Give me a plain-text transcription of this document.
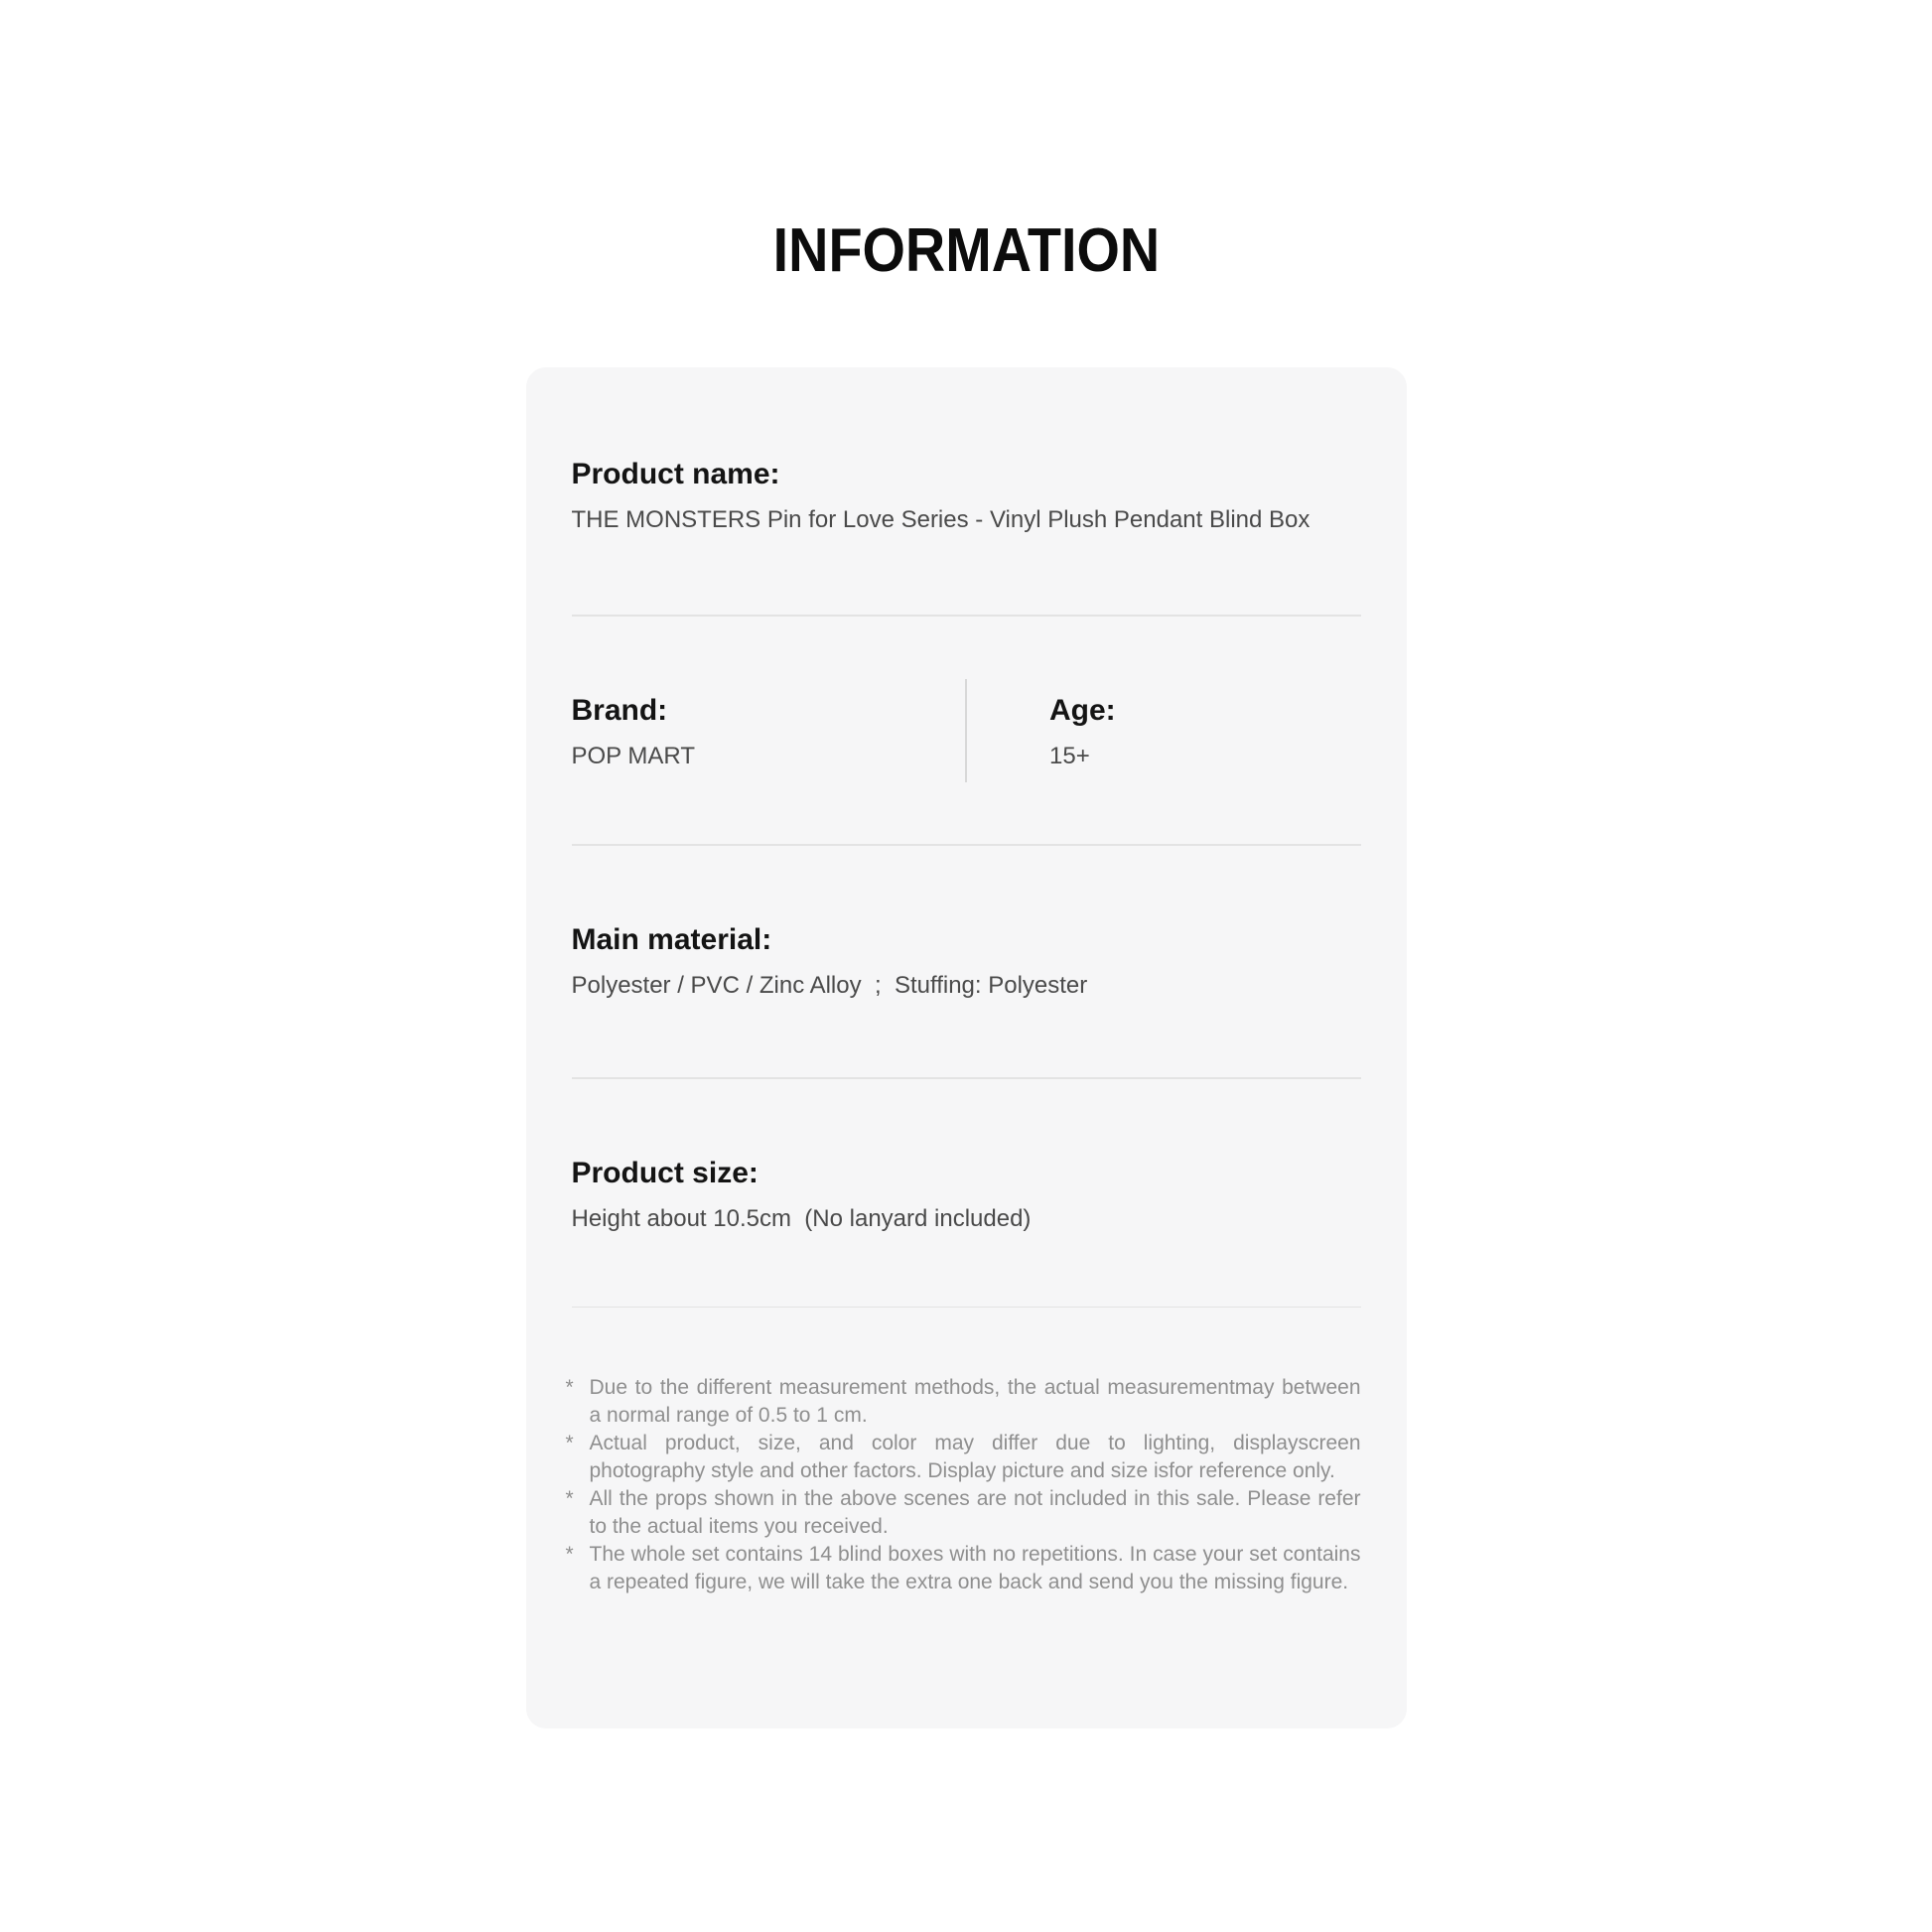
INFORMATION
Product name:

THE MONSTERS Pin for Love Series - Vinyl Plush Pendant Blind Box

Brand:

POP MART

Age:

15+

Main material:

Polyester / PVC / Zinc Alloy  ;  Stuffing: Polyester

Product size:

Height about 10.5cm  (No lanyard included)

* Due to the different measurement methods, the actual measurementmay between a normal range of 0.5 to 1 cm.
* Actual product, size, and color may differ due to lighting, displayscreen photography style and other factors. Display picture and size isfor reference only.
* All the props shown in the above scenes are not included in this sale. Please refer to the actual items you received.
* The whole set contains 14 blind boxes with no repetitions. In case your set contains a repeated figure, we will take the extra one back and send you the missing figure.
